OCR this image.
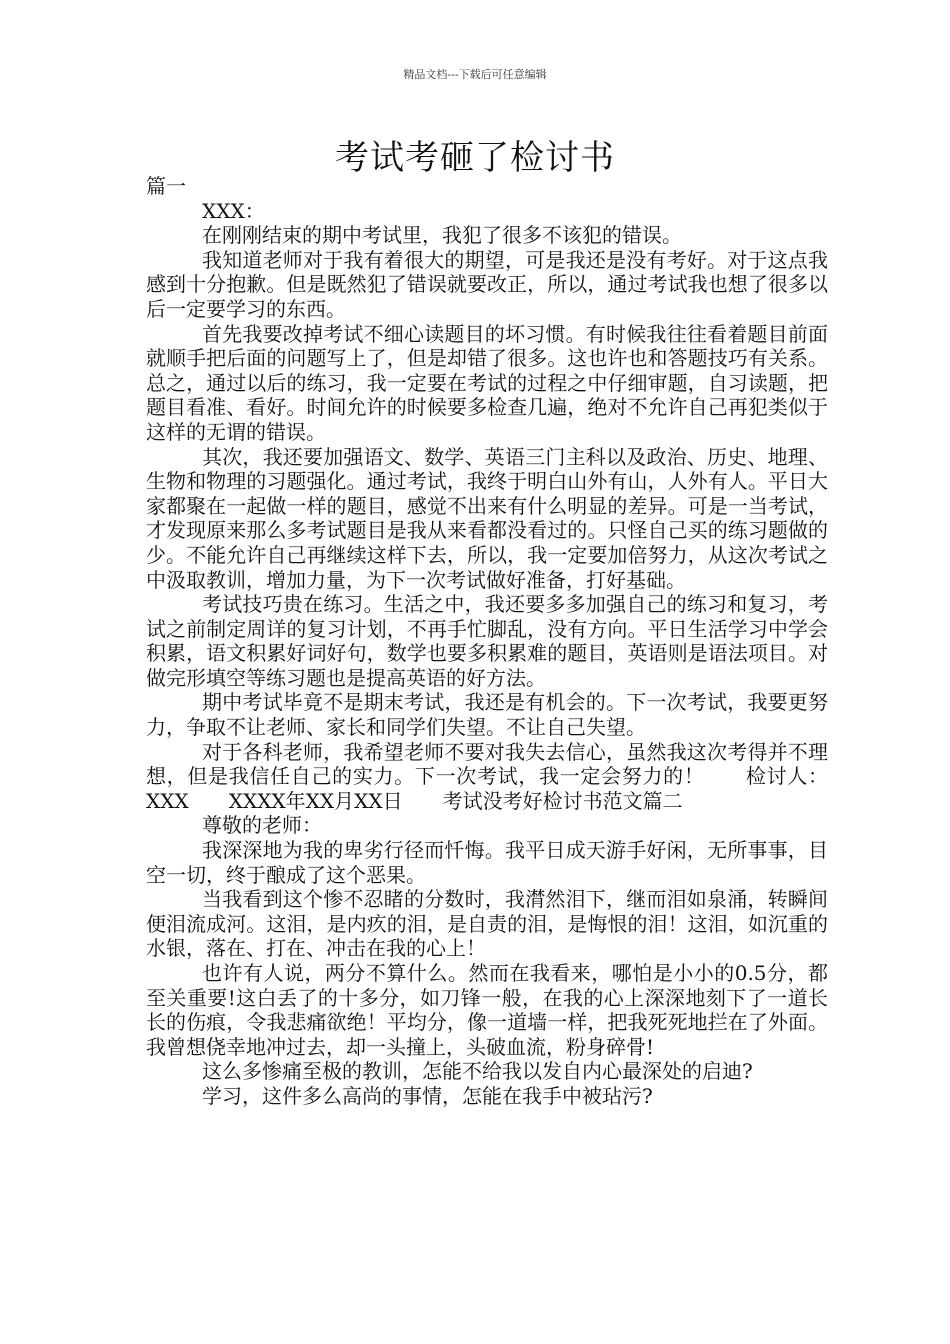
精品文档---下载后可任意编辑
考试考砸了检讨书

篇一

XXX：

在刚刚结束的期中考试里，我犯了很多不该犯的错误。

我知道老师对于我有着很大的期望，可是我还是没有考好。对于这点我感到十分抱歉。但是既然犯了错误就要改正，所以，通过考试我也想了很多以后一定要学习的东西。

首先我要改掉考试不细心读题目的坏习惯。有时候我往往看着题目前面就顺手把后面的问题写上了，但是却错了很多。这也许也和答题技巧有关系。总之，通过以后的练习，我一定要在考试的过程之中仔细审题，自习读题，把题目看准、看好。时间允许的时候要多检查几遍，绝对不允许自己再犯类似于这样的无谓的错误。

其次，我还要加强语文、数学、英语三门主科以及政治、历史、地理、生物和物理的习题强化。通过考试，我终于明白山外有山，人外有人。平日大家都聚在一起做一样的题目，感觉不出来有什么明显的差异。可是一当考试，才发现原来那么多考试题目是我从来看都没看过的。只怪自己买的练习题做的少。不能允许自己再继续这样下去，所以，我一定要加倍努力，从这次考试之中汲取教训，增加力量，为下一次考试做好准备，打好基础。

考试技巧贵在练习。生活之中，我还要多多加强自己的练习和复习，考试之前制定周详的复习计划，不再手忙脚乱，没有方向。平日生活学习中学会积累，语文积累好词好句，数学也要多积累难的题目，英语则是语法项目。对做完形填空等练习题也是提高英语的好方法。

期中考试毕竟不是期末考试，我还是有机会的。下一次考试，我要更努力，争取不让老师、家长和同学们失望。不让自己失望。

对于各科老师，我希望老师不要对我失去信心，虽然我这次考得并不理想，但是我信任自己的实力。下一次考试，我一定会努力的！　　检讨人：XXX　　XXXX年XX月XX日　　考试没考好检讨书范文篇二

尊敬的老师：

我深深地为我的卑劣行径而忏悔。我平日成天游手好闲，无所事事，目空一切，终于酿成了这个恶果。

当我看到这个惨不忍睹的分数时，我潸然泪下，继而泪如泉涌，转瞬间便泪流成河。这泪，是内疚的泪，是自责的泪，是悔恨的泪！这泪，如沉重的水银，落在、打在、冲击在我的心上！

也许有人说，两分不算什么。然而在我看来，哪怕是小小的0.5分，都至关重要!这白丢了的十多分，如刀锋一般，在我的心上深深地刻下了一道长长的伤痕，令我悲痛欲绝！平均分，像一道墙一样，把我死死地拦在了外面。我曾想侥幸地冲过去，却一头撞上，头破血流，粉身碎骨!

这么多惨痛至极的教训，怎能不给我以发自内心最深处的启迪?

学习，这件多么高尚的事情，怎能在我手中被玷污?
